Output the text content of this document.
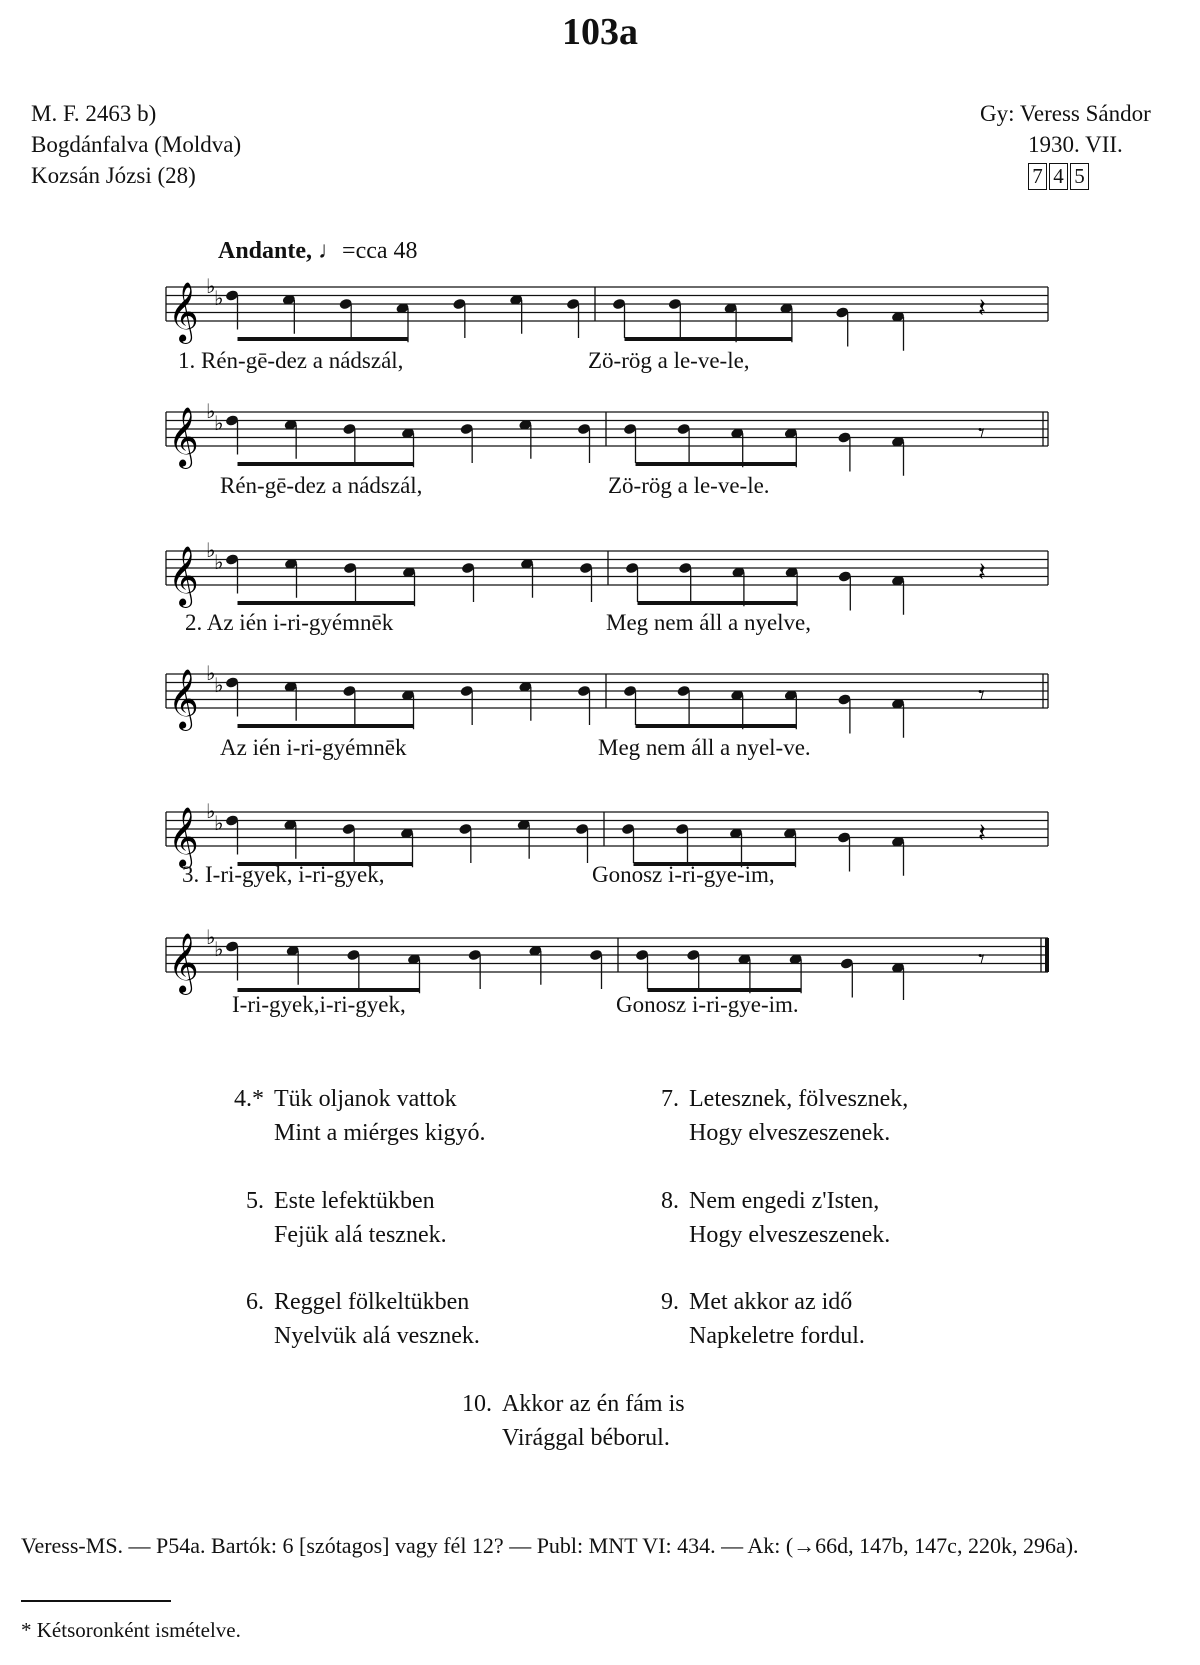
103a
M. F. 2463 b)
Bogdánfalva (Moldva)
Kozsán Józsi (28)
Gy: Veress Sándor
1930. VII.
7 4 5
Andante, ♩=cca 48
𝄞 ♭
♭	𝄽
𝄞 ♭
♭	𝄾
𝄞 ♭
♭	𝄽
𝄞 ♭
♭	𝄾
𝄞 ♭
♭	𝄽
𝄞 ♭
♭	𝄾
1. Rén-gē-dez a nádszál,	Zö-rög a le-ve-le,
Rén-gē-dez a nádszál,	Zö-rög a le-ve-le.
2. Az ién i-ri-gyémnēk	Meg nem áll a nyelve,
Az ién i-ri-gyémnēk	Meg nem áll a nyel-ve.
3. I-ri-gyek, i-ri-gyek,	Gonosz i-ri-gye-im,
I-ri-gyek,i-ri-gyek,	Gonosz i-ri-gye-im.
4.* Tük oljanok vattok
Mint a miérges kigyó.
5. Este lefektükben
Fejük alá tesznek.
6. Reggel fölkeltükben
Nyelvük alá vesznek.
7. Letesznek, fölvesznek,
Hogy elveszeszenek.
8. Nem engedi z'Isten,
Hogy elveszeszenek.
9. Met akkor az idő
Napkeletre fordul.
10. Akkor az én fám is
Virággal béborul.
Veress-MS. — P54a. Bartók: 6 [szótagos] vagy fél 12? — Publ: MNT VI: 434. — Ak: (→66d, 147b, 147c, 220k, 296a).
* Kétsoronként ismételve.
